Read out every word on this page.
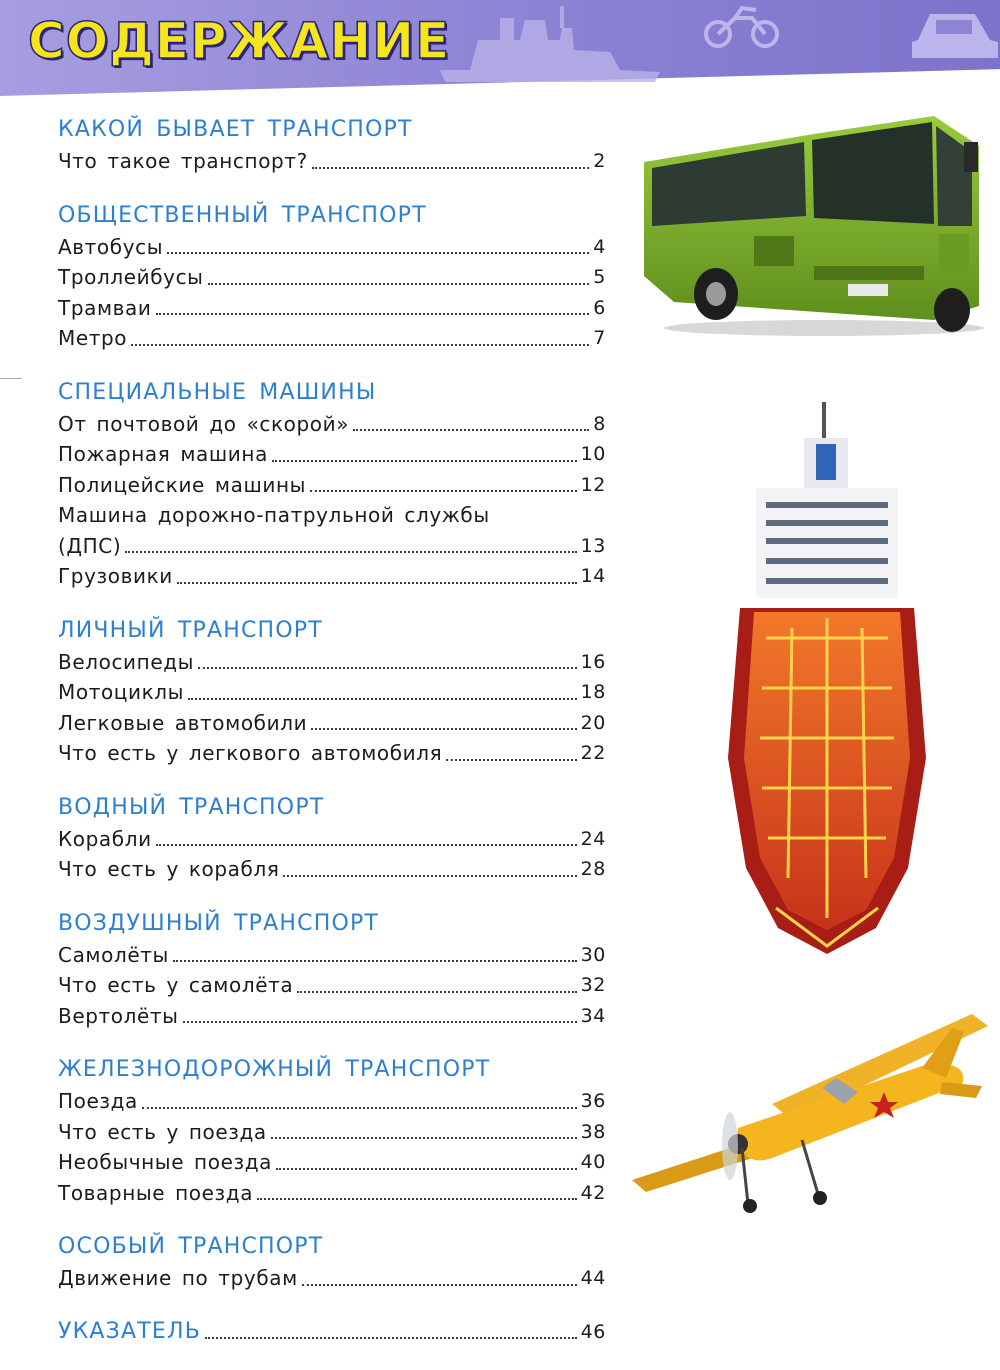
СОДЕРЖАНИЕ
КАКОЙ БЫВАЕТ ТРАНСПОРТ
Что такое транспорт?	2
ОБЩЕСТВЕННЫЙ ТРАНСПОРТ
Автобусы	4
Троллейбусы	5
Трамваи	6
Метро	7
СПЕЦИАЛЬНЫЕ МАШИНЫ
От почтовой до «скорой»	8
Пожарная машина	10
Полицейские машины	12
Машина дорожно-патрульной службы
(ДПС)	13
Грузовики	14
ЛИЧНЫЙ ТРАНСПОРТ
Велосипеды	16
Мотоциклы	18
Легковые автомобили	20
Что есть у легкового автомобиля	22
ВОДНЫЙ ТРАНСПОРТ
Корабли	24
Что есть у корабля	28
ВОЗДУШНЫЙ ТРАНСПОРТ
Самолёты	30
Что есть у самолёта	32
Вертолёты	34
ЖЕЛЕЗНОДОРОЖНЫЙ ТРАНСПОРТ
Поезда	36
Что есть у поезда	38
Необычные поезда	40
Товарные поезда	42
ОСОБЫЙ ТРАНСПОРТ
Движение по трубам	44
УКАЗАТЕЛЬ	46
